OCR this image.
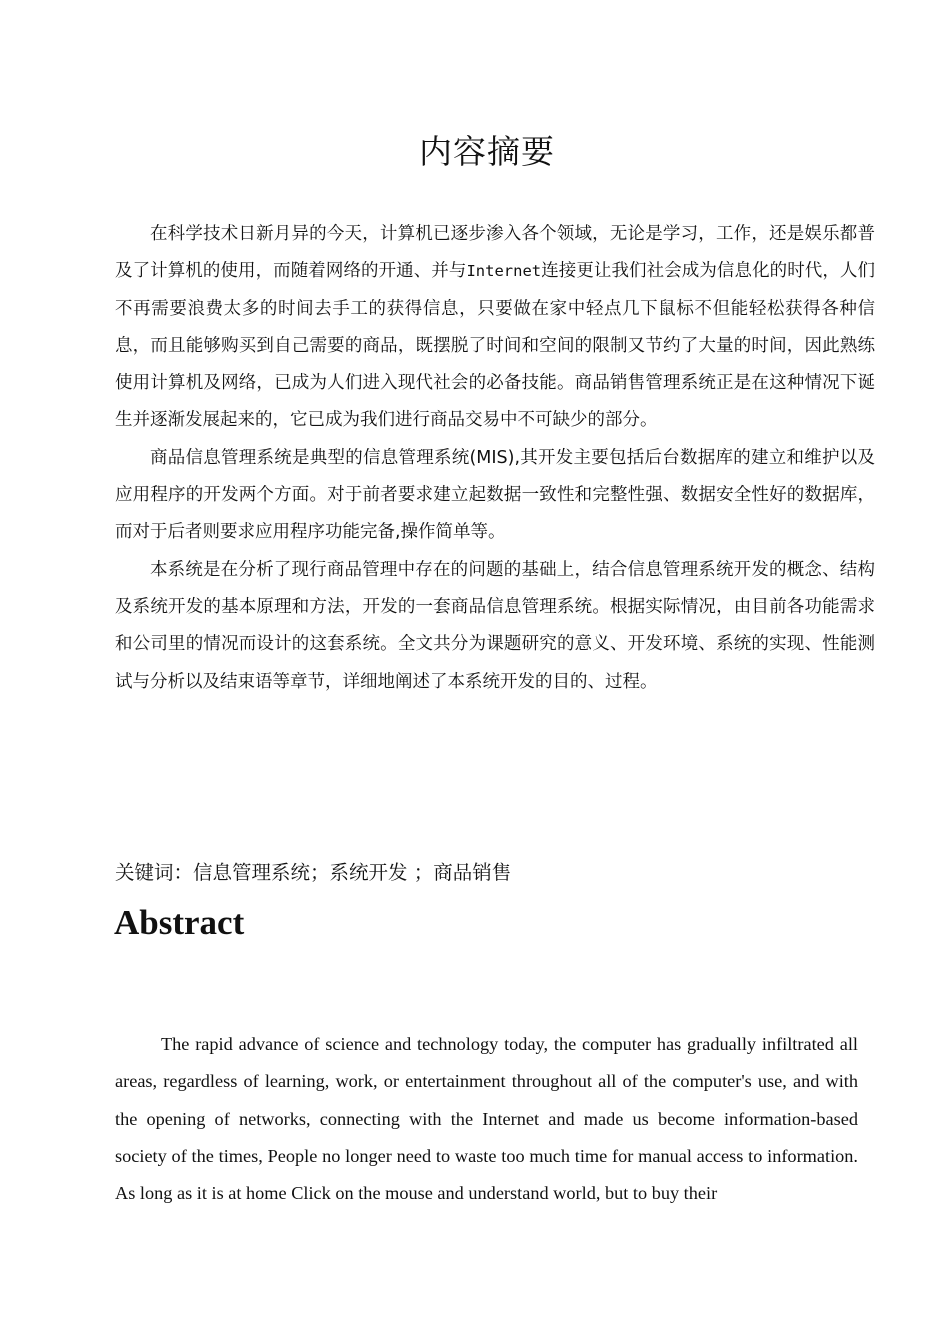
内容摘要

在科学技术日新月异的今天，计算机已逐步渗入各个领域，无论是学习，工作，还是娱乐都普及了计算机的使用，而随着网络的开通、并与Internet连接更让我们社会成为信息化的时代，人们不再需要浪费太多的时间去手工的获得信息，只要做在家中轻点几下鼠标不但能轻松获得各种信息，而且能够购买到自己需要的商品，既摆脱了时间和空间的限制又节约了大量的时间，因此熟练使用计算机及网络，已成为人们进入现代社会的必备技能。商品销售管理系统正是在这种情况下诞生并逐渐发展起来的，它已成为我们进行商品交易中不可缺少的部分。

商品信息管理系统是典型的信息管理系统(MIS),其开发主要包括后台数据库的建立和维护以及应用程序的开发两个方面。对于前者要求建立起数据一致性和完整性强、数据安全性好的数据库，而对于后者则要求应用程序功能完备,操作简单等。

本系统是在分析了现行商品管理中存在的问题的基础上，结合信息管理系统开发的概念、结构及系统开发的基本原理和方法，开发的一套商品信息管理系统。根据实际情况，由目前各功能需求和公司里的情况而设计的这套系统。全文共分为课题研究的意义、开发环境、系统的实现、性能测试与分析以及结束语等章节，详细地阐述了本系统开发的目的、过程。

关键词：信息管理系统；系统开发 ；商品销售
Abstract

The rapid advance of science and technology today, the computer has gradually infiltrated all areas, regardless of learning, work, or entertainment throughout all of the computer's use, and with the opening of networks, connecting with the Internet and made us become information-based society of the times, People no longer need to waste too much time for manual access to information. As long as it is at home Click on the mouse and understand world, but to buy their
